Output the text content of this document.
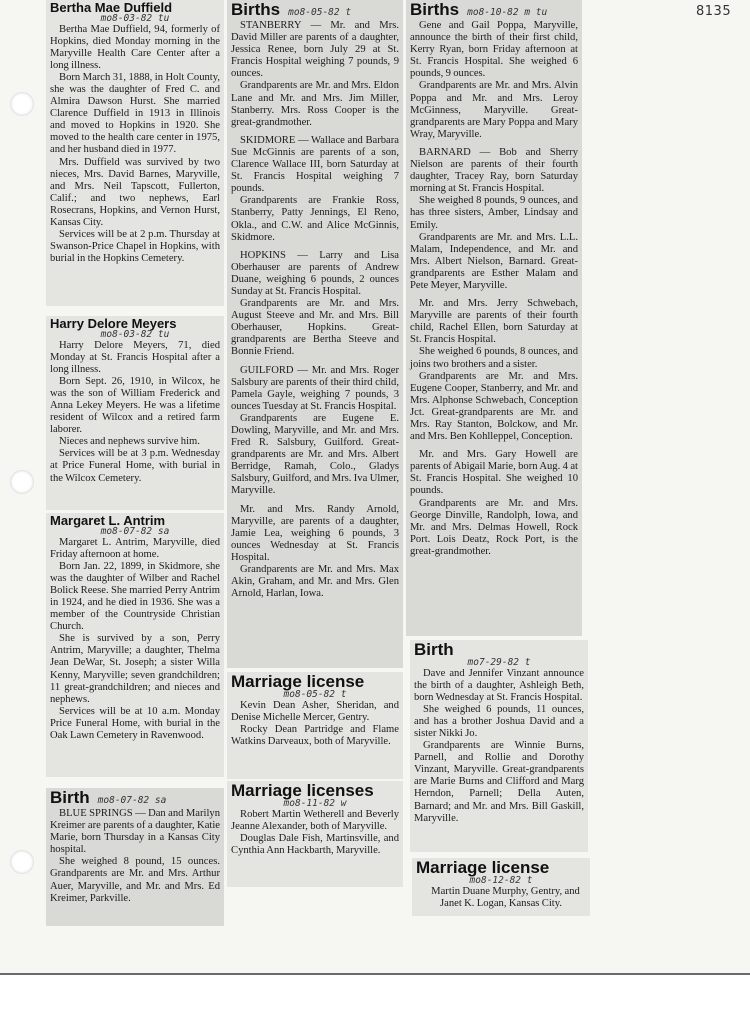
8135
Bertha Mae Duffield
mo8-03-82 tu

Bertha Mae Duffield, 94, formerly of Hopkins, died Monday morning in the Maryville Health Care Center after a long illness.

Born March 31, 1888, in Holt County, she was the daughter of Fred C. and Almira Dawson Hurst. She married Clarence Duffield in 1913 in Illinois and moved to Hopkins in 1920. She moved to the health care center in 1975, and her husband died in 1977.

Mrs. Duffield was survived by two nieces, Mrs. David Barnes, Maryville, and Mrs. Neil Tapscott, Fullerton, Calif.; and two nephews, Earl Rosecrans, Hopkins, and Vernon Hurst, Kansas City.

Services will be at 2 p.m. Thursday at Swanson-Price Chapel in Hopkins, with burial in the Hopkins Cemetery.

Harry Delore Meyers
mo8-03-82 tu

Harry Delore Meyers, 71, died Monday at St. Francis Hospital after a long illness.

Born Sept. 26, 1910, in Wilcox, he was the son of William Frederick and Anna Lekey Meyers. He was a lifetime resident of Wilcox and a retired farm laborer.

Nieces and nephews survive him.

Services will be at 3 p.m. Wednesday at Price Funeral Home, with burial in the Wilcox Cemetery.

Margaret L. Antrim
mo8-07-82 sa

Margaret L. Antrim, Maryville, died Friday afternoon at home.

Born Jan. 22, 1899, in Skidmore, she was the daughter of Wilber and Rachel Bolick Reese. She married Perry Antrim in 1924, and he died in 1936. She was a member of the Countryside Christian Church.

She is survived by a son, Perry Antrim, Maryville; a daughter, Thelma Jean DeWar, St. Joseph; a sister Willa Kenny, Maryville; seven grandchildren; 11 great-grandchildren; and nieces and nephews.

Services will be at 10 a.m. Monday Price Funeral Home, with burial in the Oak Lawn Cemetery in Ravenwood.

Birth mo8-07-82 sa

BLUE SPRINGS — Dan and Marilyn Kreimer are parents of a daughter, Katie Marie, born Thursday in a Kansas City hospital.

She weighed 8 pound, 15 ounces. Grandparents are Mr. and Mrs. Arthur Auer, Maryville, and Mr. and Mrs. Ed Kreimer, Parkville.

Births mo8-05-82 t

STANBERRY — Mr. and Mrs. David Miller are parents of a daughter, Jessica Renee, born July 29 at St. Francis Hospital weighing 7 pounds, 9 ounces.

Grandparents are Mr. and Mrs. Eldon Lane and Mr. and Mrs. Jim Miller, Stanberry. Mrs. Ross Cooper is the great-grandmother.

SKIDMORE — Wallace and Barbara Sue McGinnis are parents of a son, Clarence Wallace III, born Saturday at St. Francis Hospital weighing 7 pounds.

Grandparents are Frankie Ross, Stanberry, Patty Jennings, El Reno, Okla., and C.W. and Alice McGinnis, Skidmore.

HOPKINS — Larry and Lisa Oberhauser are parents of Andrew Duane, weighing 6 pounds, 2 ounces Sunday at St. Francis Hospital.

Grandparents are Mr. and Mrs. August Steeve and Mr. and Mrs. Bill Oberhauser, Hopkins. Great-grandparents are Bertha Steeve and Bonnie Friend.

GUILFORD — Mr. and Mrs. Roger Salsbury are parents of their third child, Pamela Gayle, weighing 7 pounds, 3 ounces Tuesday at St. Francis Hospital.

Grandparents are Eugene E. Dowling, Maryville, and Mr. and Mrs. Fred R. Salsbury, Guilford. Great-grandparents are Mr. and Mrs. Albert Berridge, Ramah, Colo., Gladys Salsbury, Guilford, and Mrs. Iva Ulmer, Maryville.

Mr. and Mrs. Randy Arnold, Maryville, are parents of a daughter, Jamie Lea, weighing 6 pounds, 3 ounces Wednesday at St. Francis Hospital.

Grandparents are Mr. and Mrs. Max Akin, Graham, and Mr. and Mrs. Glen Arnold, Harlan, Iowa.

Marriage license
mo8-05-82 t

Kevin Dean Asher, Sheridan, and Denise Michelle Mercer, Gentry.

Rocky Dean Partridge and Flame Watkins Darveaux, both of Maryville.

Marriage licenses
mo8-11-82 w

Robert Martin Wetherell and Beverly Jeanne Alexander, both of Maryville.

Douglas Dale Fish, Martinsville, and Cynthia Ann Hackbarth, Maryville.

Births mo8-10-82 m tu

Gene and Gail Poppa, Maryville, announce the birth of their first child, Kerry Ryan, born Friday afternoon at St. Francis Hospital. She weighed 6 pounds, 9 ounces.

Grandparents are Mr. and Mrs. Alvin Poppa and Mr. and Mrs. Leroy McGinness, Maryville. Great-grandparents are Mary Poppa and Mary Wray, Maryville.

BARNARD — Bob and Sherry Nielson are parents of their fourth daughter, Tracey Ray, born Saturday morning at St. Francis Hospital.

She weighed 8 pounds, 9 ounces, and has three sisters, Amber, Lindsay and Emily.

Grandparents are Mr. and Mrs. L.L. Malam, Independence, and Mr. and Mrs. Albert Nielson, Barnard. Great-grandparents are Esther Malam and Pete Meyer, Maryville.

Mr. and Mrs. Jerry Schwebach, Maryville are parents of their fourth child, Rachel Ellen, born Saturday at St. Francis Hospital.

She weighed 6 pounds, 8 ounces, and joins two brothers and a sister.

Grandparents are Mr. and Mrs. Eugene Cooper, Stanberry, and Mr. and Mrs. Alphonse Schwebach, Conception Jct. Great-grandparents are Mr. and Mrs. Ray Stanton, Bolckow, and Mr. and Mrs. Ben Kohlleppel, Conception.

Mr. and Mrs. Gary Howell are parents of Abigail Marie, born Aug. 4 at St. Francis Hospital. She weighed 10 pounds.

Grandparents are Mr. and Mrs. George Dinville, Randolph, Iowa, and Mr. and Mrs. Delmas Howell, Rock Port. Lois Deatz, Rock Port, is the great-grandmother.

Birth
mo7-29-82 t

Dave and Jennifer Vinzant announce the birth of a daughter, Ashleigh Beth, born Wednesday at St. Francis Hospital.

She weighed 6 pounds, 11 ounces, and has a brother Joshua David and a sister Nikki Jo.

Grandparents are Winnie Burns, Parnell, and Rollie and Dorothy Vinzant, Maryville. Great-grandparents are Marie Burns and Clifford and Marg Herndon, Parnell; Della Auten, Barnard; and Mr. and Mrs. Bill Gaskill, Maryville.

Marriage license
mo8-12-82 t

Martin Duane Murphy, Gentry, and Janet K. Logan, Kansas City.
